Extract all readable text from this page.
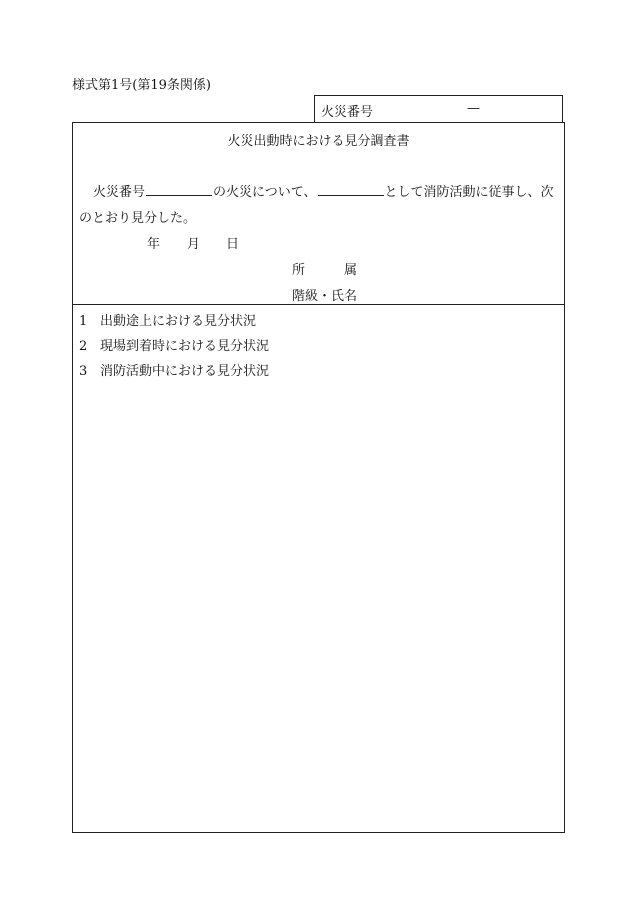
様式第1号(第19条関係)
火災番号	—
火災出動時における見分調査書
火災番号	の火災について、	として消防活動に従事し、次
のとおり見分した。
年 月 日
所	属
階級・氏名
1 出動途上における見分状況
2 現場到着時における見分状況
3 消防活動中における見分状況
